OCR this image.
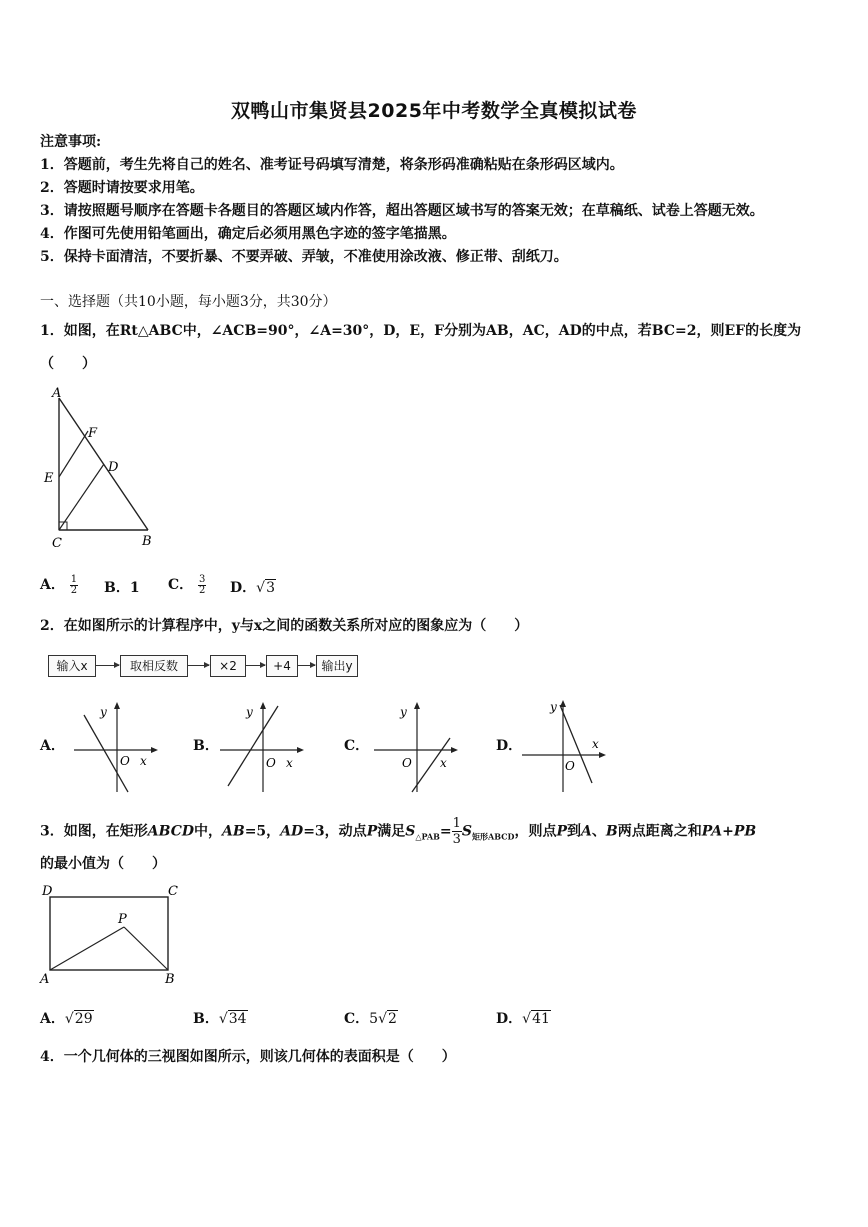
双鸭山市集贤县2025年中考数学全真模拟试卷
注意事项:
1．答题前，考生先将自己的姓名、准考证号码填写清楚，将条形码准确粘贴在条形码区域内。
2．答题时请按要求用笔。
3．请按照题号顺序在答题卡各题目的答题区域内作答，超出答题区域书写的答案无效；在草稿纸、试卷上答题无效。
4．作图可先使用铅笔画出，确定后必须用黑色字迹的签字笔描黑。
5．保持卡面清洁，不要折暴、不要弄破、弄皱，不准使用涂改液、修正带、刮纸刀。
一、选择题（共10小题，每小题3分，共30分）
1．如图，在Rt△ABC中，∠ACB=90°，∠A=30°，D，E，F分别为AB，AC，AD的中点，若BC=2，则EF的长度为
（　　）
A
F
D
E
C	B
A． $\frac{1}{2}$ B．1 C． $\frac{3}{2}$ D．√3
2．在如图所示的计算程序中，y与x之间的函数关系所对应的图象应为（　　）
输入x	取相反数	×2	+4	输出y
A．
y
x
O
B．
y
x
O
C．
y
x
O
D．
y
x
O
3．如图，在矩形ABCD中，AB=5，AD=3，动点P满足$S_{\triangle PAB}= \frac{1}{3} S_{矩形ABCD}$，则点P到A、B两点距离之和PA+PB
的最小值为（　　）
D	C
P
A	B
A．√29	B．√34	C．5√2	D．√41
4．一个几何体的三视图如图所示，则该几何体的表面积是（　　）
